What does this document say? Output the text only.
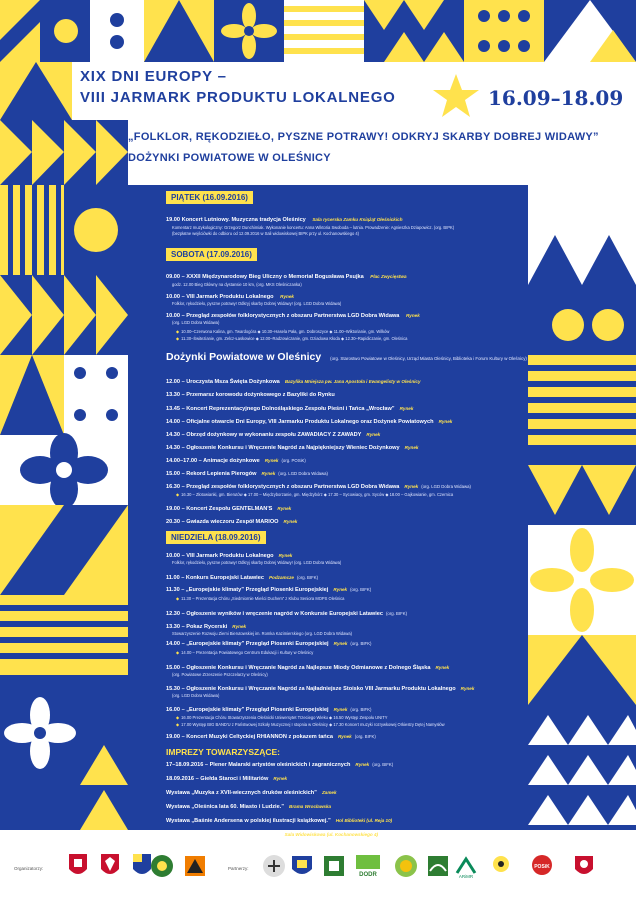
XIX DNI EUROPY –
VIII JARMARK PRODUKTU LOKALNEGO	16.09–18.09
„FOLKLOR, RĘKODZIEŁO, PYSZNE POTRAWY! ODKRYJ SKARBY DOBREJ WIDAWY”
DOŻYNKI POWIATOWE W OLEŚNICY
PIĄTEK (16.09.2016)
19.00 Koncert Lutniowy. Muzyczna tradycja Oleśnicy Sala rycerska Zamku Książąt Oleśnickich
Komentarz muzykologiczny: Grzegorz Dunchimiak. Wykonanie koncertu: Anna Wiktoria Swoboda – lutnia. Prowadzenie: Agnieszka Dziapowicz. (org. BIPK)
(bezpłatne wejściówki do odbioru od 12.09.2016 w Sali widowiskowej BIPK przy ul. Kochanowskiego 4)
SOBOTA (17.09.2016)
09.00 – XXXII Międzynarodowy Bieg Uliczny o Memoriał Bogusława Psujka Plac Zwycięstwa
godz. 12.00 Bieg Główny na dystansie 10 km, (org. MKS Oleśniczanka)
10.00 – VIII Jarmark Produktu Lokalnego Rynek
Folklor, rękodzieło, pyszne potrawy! Odkryj skarby Dobrej Widawy! (org. LGD Dobra Widawa)
10.00 – Przegląd zespołów folklorystycznych z obszaru Partnerstwa LGD Dobra Widawa Rynek
(org. LGD Dobra Widawa)
◆ 10.00–Czerwona Kalina, gm. Twardogóra ◆ 10.30–Hasela Pała, gm. Dobroszyce ◆ 11.00–Wiktorianie, gm. Wilków
◆ 11.30–Świtezianie, gm. Zelcz-Łaskowice ◆ 12.00–Radzowiczanie, gm. Dziadowa Kłoda ◆ 12.30–Rapidiczanie, gm. Oleśnica
Dożynki Powiatowe w Oleśnicy (org. Starostwo Powiatowe w Oleśnicy, Urząd Miasta Oleśnicy, Biblioteka i Forum Kultury w Oleśnicy)
12.00 – Uroczysta Msza Święta Dożynkowa Bazylika Mniejsza pw. Jana Apostoła i Ewangelisty w Oleśnicy
13.30 – Przemarsz korowodu dożynkowego z Bazyliki do Rynku
13.45 – Koncert Reprezentacyjnego Dolnośląskiego Zespołu Pieśni i Tańca „Wrocław” Rynek
14.00 – Oficjalne otwarcie Dni Europy, VIII Jarmarku Produktu Lokalnego oraz Dożynek Powiatowych Rynek
14.30 – Obrzęd dożynkowy w wykonaniu zespołu ZAWADIACY Z ZAWADY Rynek
14.30 – Ogłoszenie Konkursu i Wręczenie Nagród za Najpiękniejszy Wieniec Dożynkowy Rynek
14.00–17.00 – Animacje dożynkowe Rynek (org. POSiK)
15.00 – Rekord Lepienia Pierogów Rynek (org. LGD Dobra Widawa)
16.30 – Przegląd zespołów folklorystycznych z obszaru Partnerstwa LGD Dobra Widawa Rynek (org. LGD Dobra Widawa)
◆ 16.30 – Złotowianki, gm. Bierutów ◆ 17.00 – Międzyborzanie, gm. Międzybórz ◆ 17.30 – Sycowiacy, gm. Syców ◆ 18.00 – Gajkowianie, gm. Czernica
19.00 – Koncert Zespołu GENTELMAN'S Rynek
20.30 – Gwiazda wieczoru Zespół MARIOO Rynek
NIEDZIELA (18.09.2016)
10.00 – VIII Jarmark Produktu Lokalnego Rynek
Folklor, rękodzieło, pyszne potrawy! Odkryj skarby Dobrej Widawy! (org. LGD Dobra Widawa)
11.00 – Konkurs Europejski Latawiec Podzamcze (org. BIFK)
11.30 – „Europejskie klimaty” Przegląd Piosenki Europejskiej Rynek (org. BIFK)
◆ 11.30 – Prezentacja Chóru „Siedmiornie Mieści Duchem” z Klubu Seniora MOPS Oleśnica
12.30 – Ogłoszenie wyników i wręczenie nagród w Konkursie Europejski Latawiec (org. BIFK)
13.30 – Pokaz Rycerski Rynek
Stowarzyszenie Rozwoju Ziemi Bierutowskiej im. Romka Kazimierskiego (org. LGD Dobra Widawa)
14.00 – „Europejskie klimaty” Przegląd Piosenki Europejskiej Rynek (org. BIFK)
◆ 14.00 – Prezentacja Powiatowego Centrum Edukacji i Kultury w Oleśnicy
15.00 – Ogłoszenie Konkursu i Wręczanie Nagród za Najlepsze Miody Odmianowe z Dolnego Śląska Rynek
(org. Powiatowe Zrzeszenie Pszczelarzy w Oleśnicy)
15.30 – Ogłoszenie Konkursu i Wręczanie Nagród za Najładniejsze Stoisko VIII Jarmarku Produktu Lokalnego Rynek
(org. LGD Dobra Widawa)
16.00 – „Europejskie klimaty” Przegląd Piosenki Europejskiej Rynek (org. BIFK)
◆ 16.00 Prezentacja Chóru Stowarzyszenia Oleśnicki Uniwersytet Trzeciego Wieku ◆ 16.50 Występ Zespołu UNITY
◆ 17.00 Występ BIG BAND'U z Państwowej Szkoły Muzycznej I stopnia w Oleśnicy ◆ 17.30 Koncert muzyki rozrywkowej Orkiestry Dętej Namysłów
19.00 – Koncert Muzyki Celtyckiej RHIANNON z pokazem tańca Rynek (org. BIFK)
IMPREZY TOWARZYSZĄCE:
17–18.09.2016 – Plener Malarski artystów oleśnickich i zagranicznych Rynek (org. BIFK)
18.09.2016 – Giełda Staroci i Militariów Rynek
Wystawa „Muzyka z XVII-wiecznych druków oleśnickich” Zamek
Wystawa „Oleśnica lata 60. Miasto i Ludzie.” Brama Wrocławska
Wystawa „Baśnie Andersena w polskiej ilustracji książkowej.” Hol Biblioteki (ul. Reja 10)
Wystawa „34 powody do niezmiertelności” Sala Widowiskowa (ul. Kochanowskiego 4)
Organizatorzy:	Partnerzy:
DODR	ARiMR
POSiK
